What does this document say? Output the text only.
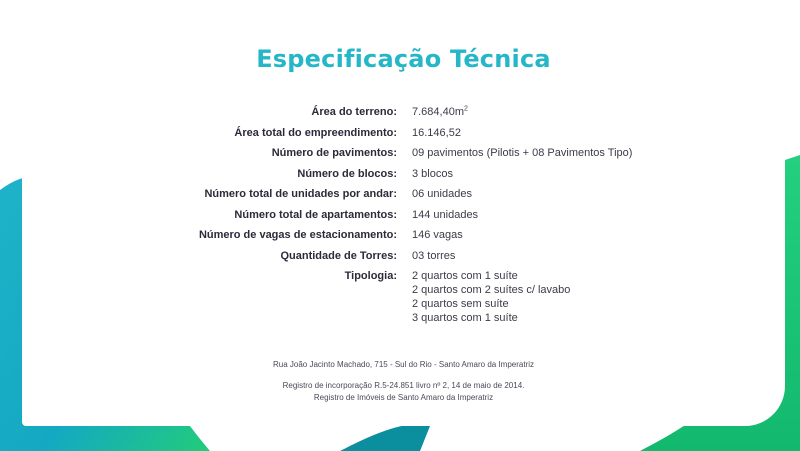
Especificação Técnica
Área do terreno: $7.684,40m^2$
Área total do empreendimento: 16.146,52
Número de pavimentos: 09 pavimentos (Pilotis + 08 Pavimentos Tipo)
Número de blocos: 3 blocos
Número total de unidades por andar: 06 unidades
Número total de apartamentos: 144 unidades
Número de vagas de estacionamento: 146 vagas
Quantidade de Torres: 03 torres
Tipologia: 2 quartos com 1 suíte
2 quartos com 2 suítes c/ lavabo
2 quartos sem suíte
3 quartos com 1 suíte
Rua João Jacinto Machado, 715 - Sul do Rio - Santo Amaro da Imperatriz
Registro de incorporação R.5-24.851 livro nº 2, 14 de maio de 2014.
Registro de Imóveis de Santo Amaro da Imperatriz
